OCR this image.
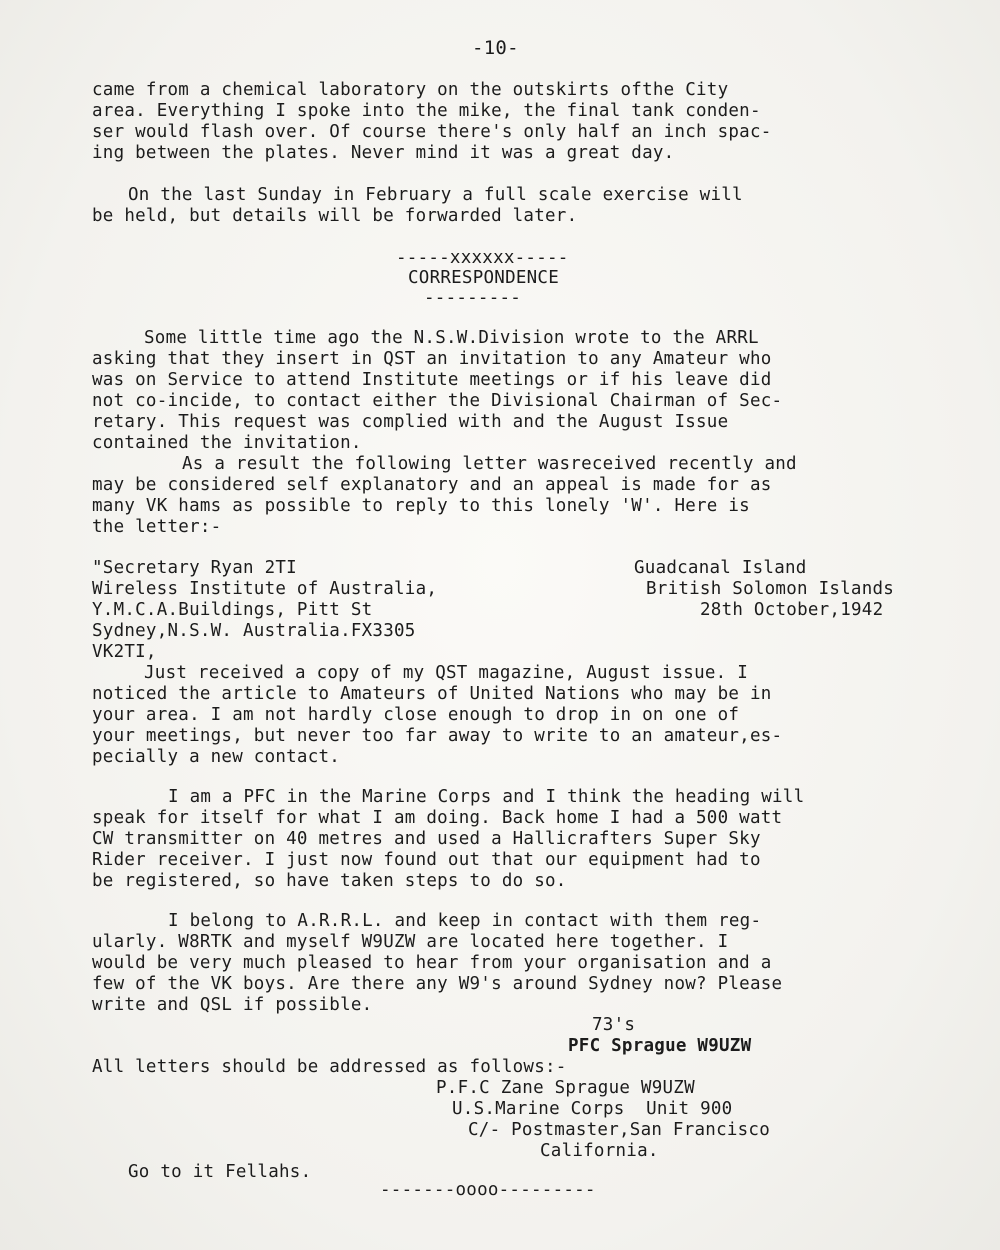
-10-

came from a chemical laboratory on the outskirts ofthe City

area. Everything I spoke into the mike, the final tank conden-

ser would flash over. Of course there's only half an inch spac-

ing between the plates. Never mind it was a great day.

On the last Sunday in February a full scale exercise will

be held, but details will be forwarded later.

-----xxxxxx-----

CORRESPONDENCE

---------

Some little time ago the N.S.W.Division wrote to the ARRL

asking that they insert in QST an invitation to any Amateur who

was on Service to attend Institute meetings or if his leave did

not co-incide, to contact either the Divisional Chairman of Sec-

retary. This request was complied with and the August Issue

contained the invitation.

As a result the following letter wasreceived recently and

may be considered self explanatory and an appeal is made for as

many VK hams as possible to reply to this lonely 'W'. Here is

the letter:-

"Secretary Ryan 2TI

Wireless Institute of Australia,

Y.M.C.A.Buildings, Pitt St

Sydney,N.S.W. Australia.FX3305

VK2TI,

Guadcanal Island

British Solomon Islands

28th October,1942

Just received a copy of my QST magazine, August issue. I

noticed the article to Amateurs of United Nations who may be in

your area. I am not hardly close enough to drop in on one of

your meetings, but never too far away to write to an amateur,es-

pecially a new contact.

I am a PFC in the Marine Corps and I think the heading will

speak for itself for what I am doing. Back home I had a 500 watt

CW transmitter on 40 metres and used a Hallicrafters Super Sky

Rider receiver. I just now found out that our equipment had to

be registered, so have taken steps to do so.

I belong to A.R.R.L. and keep in contact with them reg-

ularly. W8RTK and myself W9UZW are located here together. I

would be very much pleased to hear from your organisation and a

few of the VK boys. Are there any W9's around Sydney now? Please

write and QSL if possible.

73's

PFC Sprague W9UZW

All letters should be addressed as follows:-

P.F.C Zane Sprague W9UZW

U.S.Marine Corps  Unit 900

C/- Postmaster,San Francisco

California.

Go to it Fellahs.

-------oooo---------
